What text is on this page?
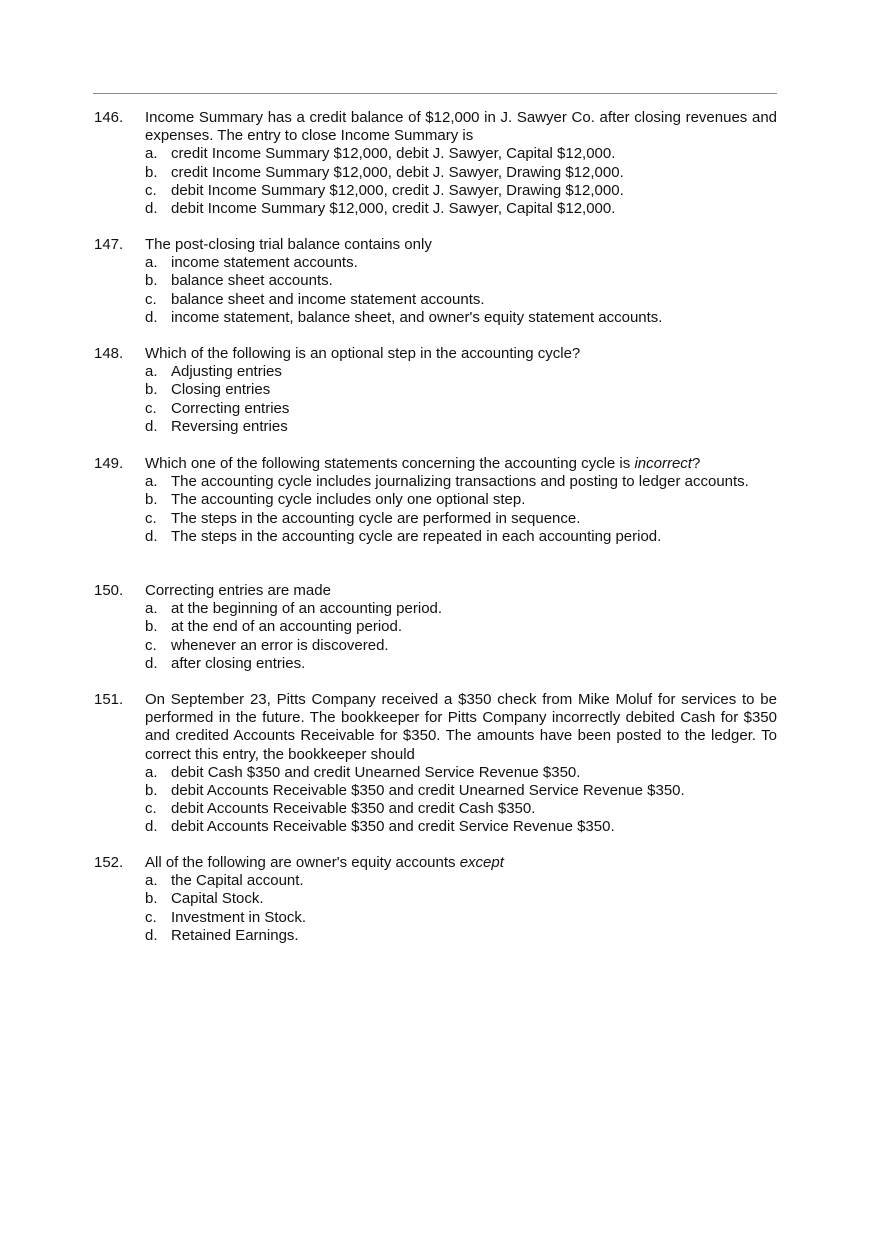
146. Income Summary has a credit balance of $12,000 in J. Sawyer Co. after closing revenues and expenses. The entry to close Income Summary is
a. credit Income Summary $12,000, debit J. Sawyer, Capital $12,000.
b. credit Income Summary $12,000, debit J. Sawyer, Drawing $12,000.
c. debit Income Summary $12,000, credit J. Sawyer, Drawing $12,000.
d. debit Income Summary $12,000, credit J. Sawyer, Capital $12,000.
147. The post-closing trial balance contains only
a. income statement accounts.
b. balance sheet accounts.
c. balance sheet and income statement accounts.
d. income statement, balance sheet, and owner's equity statement accounts.
148. Which of the following is an optional step in the accounting cycle?
a. Adjusting entries
b. Closing entries
c. Correcting entries
d. Reversing entries
149. Which one of the following statements concerning the accounting cycle is incorrect?
a. The accounting cycle includes journalizing transactions and posting to ledger accounts.
b. The accounting cycle includes only one optional step.
c. The steps in the accounting cycle are performed in sequence.
d. The steps in the accounting cycle are repeated in each accounting period.
150. Correcting entries are made
a. at the beginning of an accounting period.
b. at the end of an accounting period.
c. whenever an error is discovered.
d. after closing entries.
151. On September 23, Pitts Company received a $350 check from Mike Moluf for services to be performed in the future. The bookkeeper for Pitts Company incorrectly debited Cash for $350 and credited Accounts Receivable for $350. The amounts have been posted to the ledger. To correct this entry, the bookkeeper should
a. debit Cash $350 and credit Unearned Service Revenue $350.
b. debit Accounts Receivable $350 and credit Unearned Service Revenue $350.
c. debit Accounts Receivable $350 and credit Cash $350.
d. debit Accounts Receivable $350 and credit Service Revenue $350.
152. All of the following are owner's equity accounts except
a. the Capital account.
b. Capital Stock.
c. Investment in Stock.
d. Retained Earnings.
